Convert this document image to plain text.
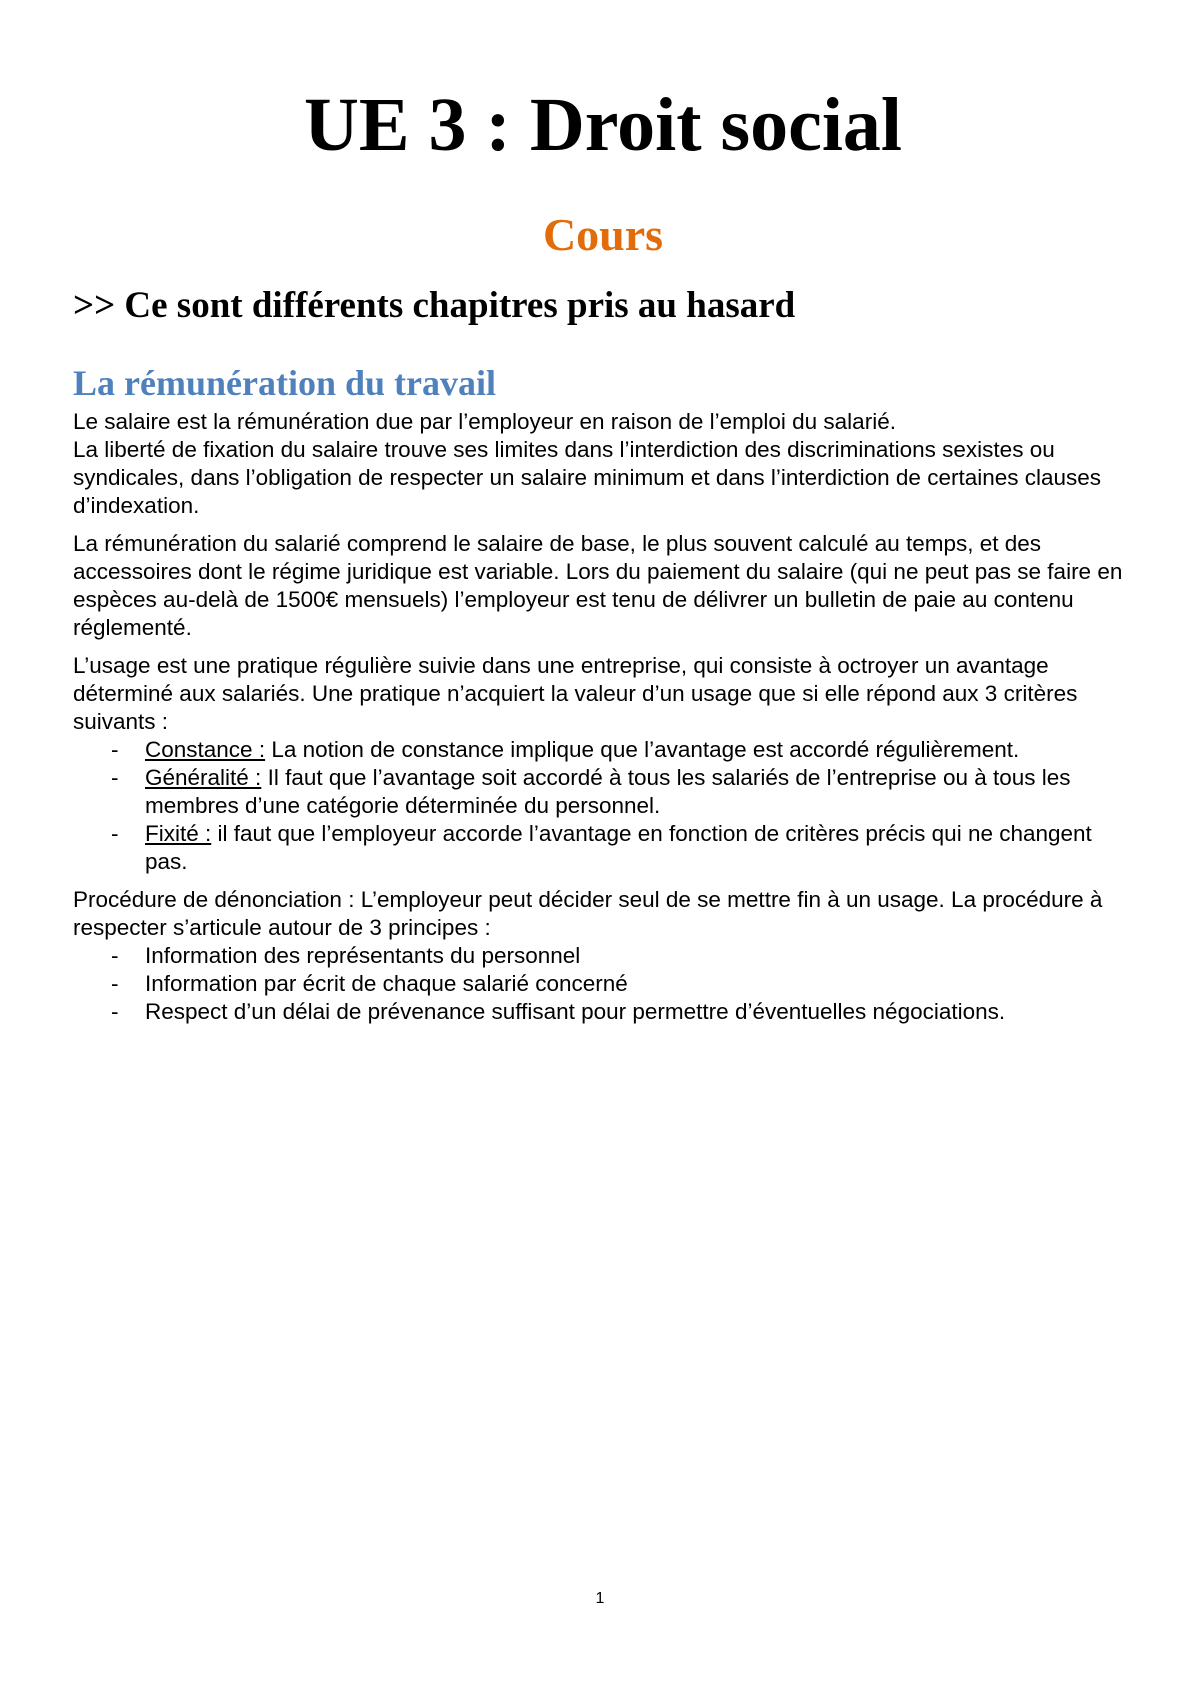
UE 3 : Droit social
Cours
>> Ce sont différents chapitres pris au hasard
La rémunération du travail

Le salaire est la rémunération due par l’employeur en raison de l’emploi du salarié.

La liberté de fixation du salaire trouve ses limites dans l’interdiction des discriminations sexistes ou syndicales, dans l’obligation de respecter un salaire minimum et dans l’interdiction de certaines clauses d’indexation.

La rémunération du salarié comprend le salaire de base, le plus souvent calculé au temps, et des accessoires dont le régime juridique est variable. Lors du paiement du salaire (qui ne peut pas se faire en espèces au-delà de 1500€ mensuels) l’employeur est tenu de délivrer un bulletin de paie au contenu réglementé.

L’usage est une pratique régulière suivie dans une entreprise, qui consiste à octroyer un avantage déterminé aux salariés. Une pratique n’acquiert la valeur d’un usage que si elle répond aux 3 critères suivants :

- Constance : La notion de constance implique que l’avantage est accordé régulièrement.
- Généralité : Il faut que l’avantage soit accordé à tous les salariés de l’entreprise ou à tous les membres d’une catégorie déterminée du personnel.
- Fixité : il faut que l’employeur accorde l’avantage en fonction de critères précis qui ne changent pas.

Procédure de dénonciation : L’employeur peut décider seul de se mettre fin à un usage. La procédure à respecter s’articule autour de 3 principes :

- Information des représentants du personnel
- Information par écrit de chaque salarié concerné
- Respect d’un délai de prévenance suffisant pour permettre d’éventuelles négociations.
1
